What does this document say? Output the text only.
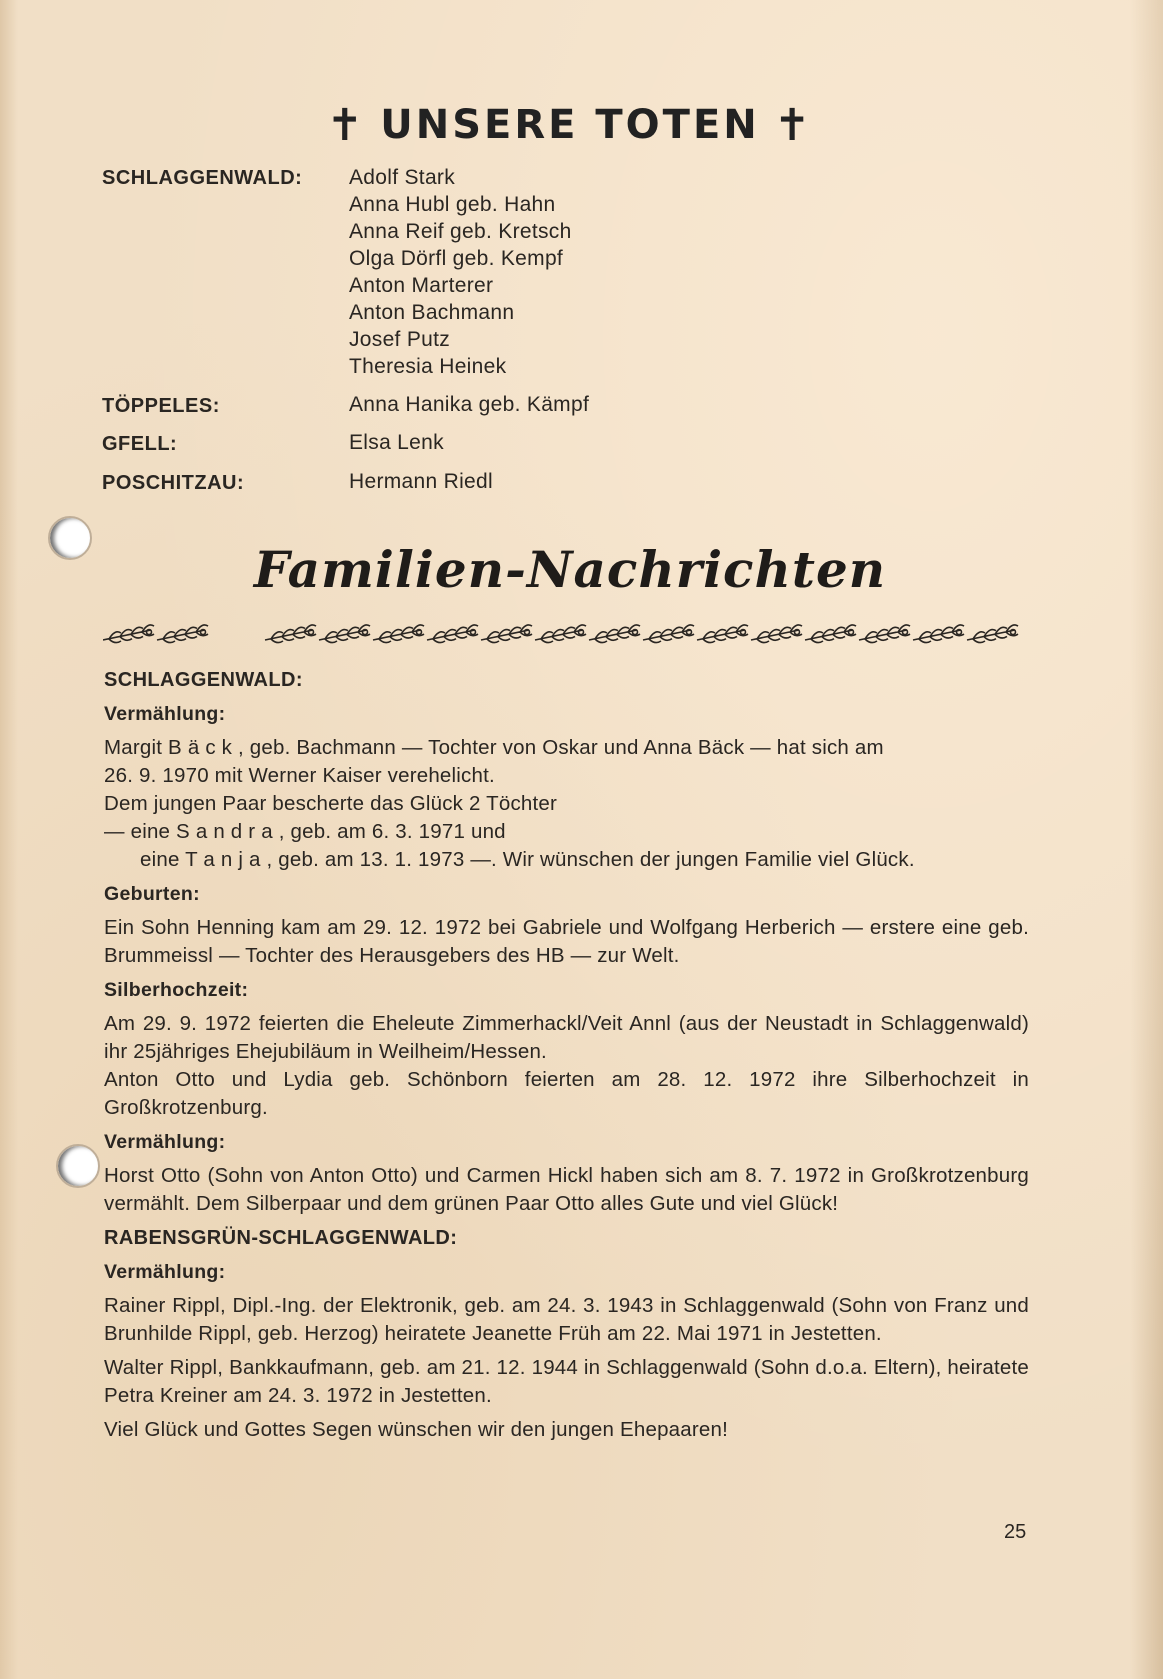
✝ UNSERE TOTEN ✝
SCHLAGGENWALD: Adolf Stark
Anna Hubl geb. Hahn
Anna Reif geb. Kretsch
Olga Dörfl geb. Kempf
Anton Marterer
Anton Bachmann
Josef Putz
Theresia Heinek
TÖPPELES:	Anna Hanika geb. Kämpf
GFELL:	Elsa Lenk
POSCHITZAU:	Hermann Riedl
Familien-Nachrichten
SCHLAGGENWALD:
Vermählung:
Margit B ä c k , geb. Bachmann — Tochter von Oskar und Anna Bäck — hat sich am
26. 9. 1970 mit Werner Kaiser verehelicht.
Dem jungen Paar bescherte das Glück 2 Töchter
— eine S a n d r a , geb. am 6. 3. 1971 und
eine T a n j a , geb. am 13. 1. 1973 —. Wir wünschen der jungen Familie viel Glück.
Geburten:
Ein Sohn Henning kam am 29. 12. 1972 bei Gabriele und Wolfgang Herberich — erstere eine geb. Brummeissl — Tochter des Herausgebers des HB — zur Welt.
Silberhochzeit:
Am 29. 9. 1972 feierten die Eheleute Zimmerhackl/Veit Annl (aus der Neustadt in Schlaggenwald) ihr 25jähriges Ehejubiläum in Weilheim/Hessen.
Anton Otto und Lydia geb. Schönborn feierten am 28. 12. 1972 ihre Silberhochzeit in Großkrotzenburg.
Vermählung:
Horst Otto (Sohn von Anton Otto) und Carmen Hickl haben sich am 8. 7. 1972 in Großkrotzenburg vermählt. Dem Silberpaar und dem grünen Paar Otto alles Gute und viel Glück!
RABENSGRÜN-SCHLAGGENWALD:
Vermählung:
Rainer Rippl, Dipl.-Ing. der Elektronik, geb. am 24. 3. 1943 in Schlaggenwald (Sohn von Franz und Brunhilde Rippl, geb. Herzog) heiratete Jeanette Früh am 22. Mai 1971 in Jestetten.
Walter Rippl, Bankkaufmann, geb. am 21. 12. 1944 in Schlaggenwald (Sohn d.o.a. Eltern), heiratete Petra Kreiner am 24. 3. 1972 in Jestetten.
Viel Glück und Gottes Segen wünschen wir den jungen Ehepaaren!
25
